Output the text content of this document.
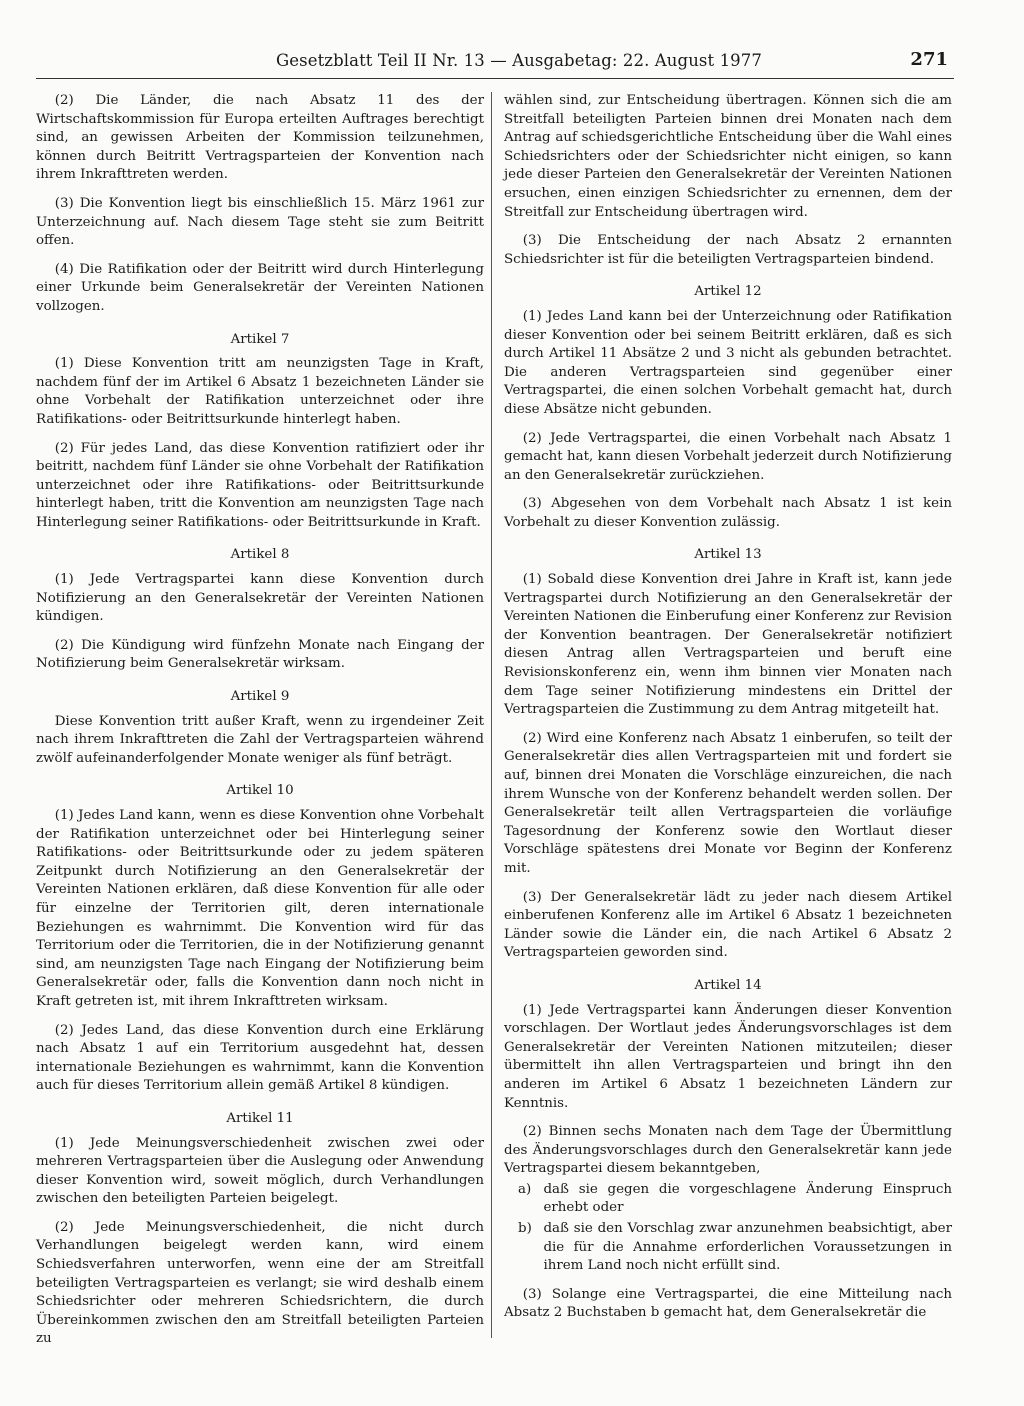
Gesetzblatt Teil II Nr. 13 — Ausgabetag: 22. August 1977	271

(2) Die Länder, die nach Absatz 11 des der Wirtschaftskommission für Europa erteilten Auftrages berechtigt sind, an gewissen Arbeiten der Kommission teilzunehmen, können durch Beitritt Vertragsparteien der Konvention nach ihrem Inkrafttreten werden.

(3) Die Konvention liegt bis einschließlich 15. März 1961 zur Unterzeichnung auf. Nach diesem Tage steht sie zum Beitritt offen.

(4) Die Ratifikation oder der Beitritt wird durch Hinterlegung einer Urkunde beim Generalsekretär der Vereinten Nationen vollzogen.

Artikel 7

(1) Diese Konvention tritt am neunzigsten Tage in Kraft, nachdem fünf der im Artikel 6 Absatz 1 bezeichneten Länder sie ohne Vorbehalt der Ratifikation unterzeichnet oder ihre Ratifikations- oder Beitrittsurkunde hinterlegt haben.

(2) Für jedes Land, das diese Konvention ratifiziert oder ihr beitritt, nachdem fünf Länder sie ohne Vorbehalt der Ratifikation unterzeichnet oder ihre Ratifikations- oder Beitrittsurkunde hinterlegt haben, tritt die Konvention am neunzigsten Tage nach Hinterlegung seiner Ratifikations- oder Beitrittsurkunde in Kraft.

Artikel 8

(1) Jede Vertragspartei kann diese Konvention durch Notifizierung an den Generalsekretär der Vereinten Nationen kündigen.

(2) Die Kündigung wird fünfzehn Monate nach Eingang der Notifizierung beim Generalsekretär wirksam.

Artikel 9

Diese Konvention tritt außer Kraft, wenn zu irgendeiner Zeit nach ihrem Inkrafttreten die Zahl der Vertragsparteien während zwölf aufeinanderfolgender Monate weniger als fünf beträgt.

Artikel 10

(1) Jedes Land kann, wenn es diese Konvention ohne Vorbehalt der Ratifikation unterzeichnet oder bei Hinterlegung seiner Ratifikations- oder Beitrittsurkunde oder zu jedem späteren Zeitpunkt durch Notifizierung an den Generalsekretär der Vereinten Nationen erklären, daß diese Konvention für alle oder für einzelne der Territorien gilt, deren internationale Beziehungen es wahrnimmt. Die Konvention wird für das Territorium oder die Territorien, die in der Notifizierung genannt sind, am neunzigsten Tage nach Eingang der Notifizierung beim Generalsekretär oder, falls die Konvention dann noch nicht in Kraft getreten ist, mit ihrem Inkrafttreten wirksam.

(2) Jedes Land, das diese Konvention durch eine Erklärung nach Absatz 1 auf ein Territorium ausgedehnt hat, dessen internationale Beziehungen es wahrnimmt, kann die Konvention auch für dieses Territorium allein gemäß Artikel 8 kündigen.

Artikel 11

(1) Jede Meinungsverschiedenheit zwischen zwei oder mehreren Vertragsparteien über die Auslegung oder Anwendung dieser Konvention wird, soweit möglich, durch Verhandlungen zwischen den beteiligten Parteien beigelegt.

(2) Jede Meinungsverschiedenheit, die nicht durch Verhandlungen beigelegt werden kann, wird einem Schiedsverfahren unterworfen, wenn eine der am Streitfall beteiligten Vertragsparteien es verlangt; sie wird deshalb einem Schiedsrichter oder mehreren Schiedsrichtern, die durch Übereinkommen zwischen den am Streitfall beteiligten Parteien zu

wählen sind, zur Entscheidung übertragen. Können sich die am Streitfall beteiligten Parteien binnen drei Monaten nach dem Antrag auf schiedsgerichtliche Entscheidung über die Wahl eines Schiedsrichters oder der Schiedsrichter nicht einigen, so kann jede dieser Parteien den Generalsekretär der Vereinten Nationen ersuchen, einen einzigen Schiedsrichter zu ernennen, dem der Streitfall zur Entscheidung übertragen wird.

(3) Die Entscheidung der nach Absatz 2 ernannten Schiedsrichter ist für die beteiligten Vertragsparteien bindend.

Artikel 12

(1) Jedes Land kann bei der Unterzeichnung oder Ratifikation dieser Konvention oder bei seinem Beitritt erklären, daß es sich durch Artikel 11 Absätze 2 und 3 nicht als gebunden betrachtet. Die anderen Vertragsparteien sind gegenüber einer Vertragspartei, die einen solchen Vorbehalt gemacht hat, durch diese Absätze nicht gebunden.

(2) Jede Vertragspartei, die einen Vorbehalt nach Absatz 1 gemacht hat, kann diesen Vorbehalt jederzeit durch Notifizierung an den Generalsekretär zurückziehen.

(3) Abgesehen von dem Vorbehalt nach Absatz 1 ist kein Vorbehalt zu dieser Konvention zulässig.

Artikel 13

(1) Sobald diese Konvention drei Jahre in Kraft ist, kann jede Vertragspartei durch Notifizierung an den Generalsekretär der Vereinten Nationen die Einberufung einer Konferenz zur Revision der Konvention beantragen. Der Generalsekretär notifiziert diesen Antrag allen Vertragsparteien und beruft eine Revisionskonferenz ein, wenn ihm binnen vier Monaten nach dem Tage seiner Notifizierung mindestens ein Drittel der Vertragsparteien die Zustimmung zu dem Antrag mitgeteilt hat.

(2) Wird eine Konferenz nach Absatz 1 einberufen, so teilt der Generalsekretär dies allen Vertragsparteien mit und fordert sie auf, binnen drei Monaten die Vorschläge einzureichen, die nach ihrem Wunsche von der Konferenz behandelt werden sollen. Der Generalsekretär teilt allen Vertragsparteien die vorläufige Tagesordnung der Konferenz sowie den Wortlaut dieser Vorschläge spätestens drei Monate vor Beginn der Konferenz mit.

(3) Der Generalsekretär lädt zu jeder nach diesem Artikel einberufenen Konferenz alle im Artikel 6 Absatz 1 bezeichneten Länder sowie die Länder ein, die nach Artikel 6 Absatz 2 Vertragsparteien geworden sind.

Artikel 14

(1) Jede Vertragspartei kann Änderungen dieser Konvention vorschlagen. Der Wortlaut jedes Änderungsvorschlages ist dem Generalsekretär der Vereinten Nationen mitzuteilen; dieser übermittelt ihn allen Vertragsparteien und bringt ihn den anderen im Artikel 6 Absatz 1 bezeichneten Ländern zur Kenntnis.

(2) Binnen sechs Monaten nach dem Tage der Übermittlung des Änderungsvorschlages durch den Generalsekretär kann jede Vertragspartei diesem bekanntgeben,

a) daß sie gegen die vorgeschlagene Änderung Einspruch erhebt oder
b) daß sie den Vorschlag zwar anzunehmen beabsichtigt, aber die für die Annahme erforderlichen Voraussetzungen in ihrem Land noch nicht erfüllt sind.

(3) Solange eine Vertragspartei, die eine Mitteilung nach Absatz 2 Buchstaben b gemacht hat, dem Generalsekretär die
